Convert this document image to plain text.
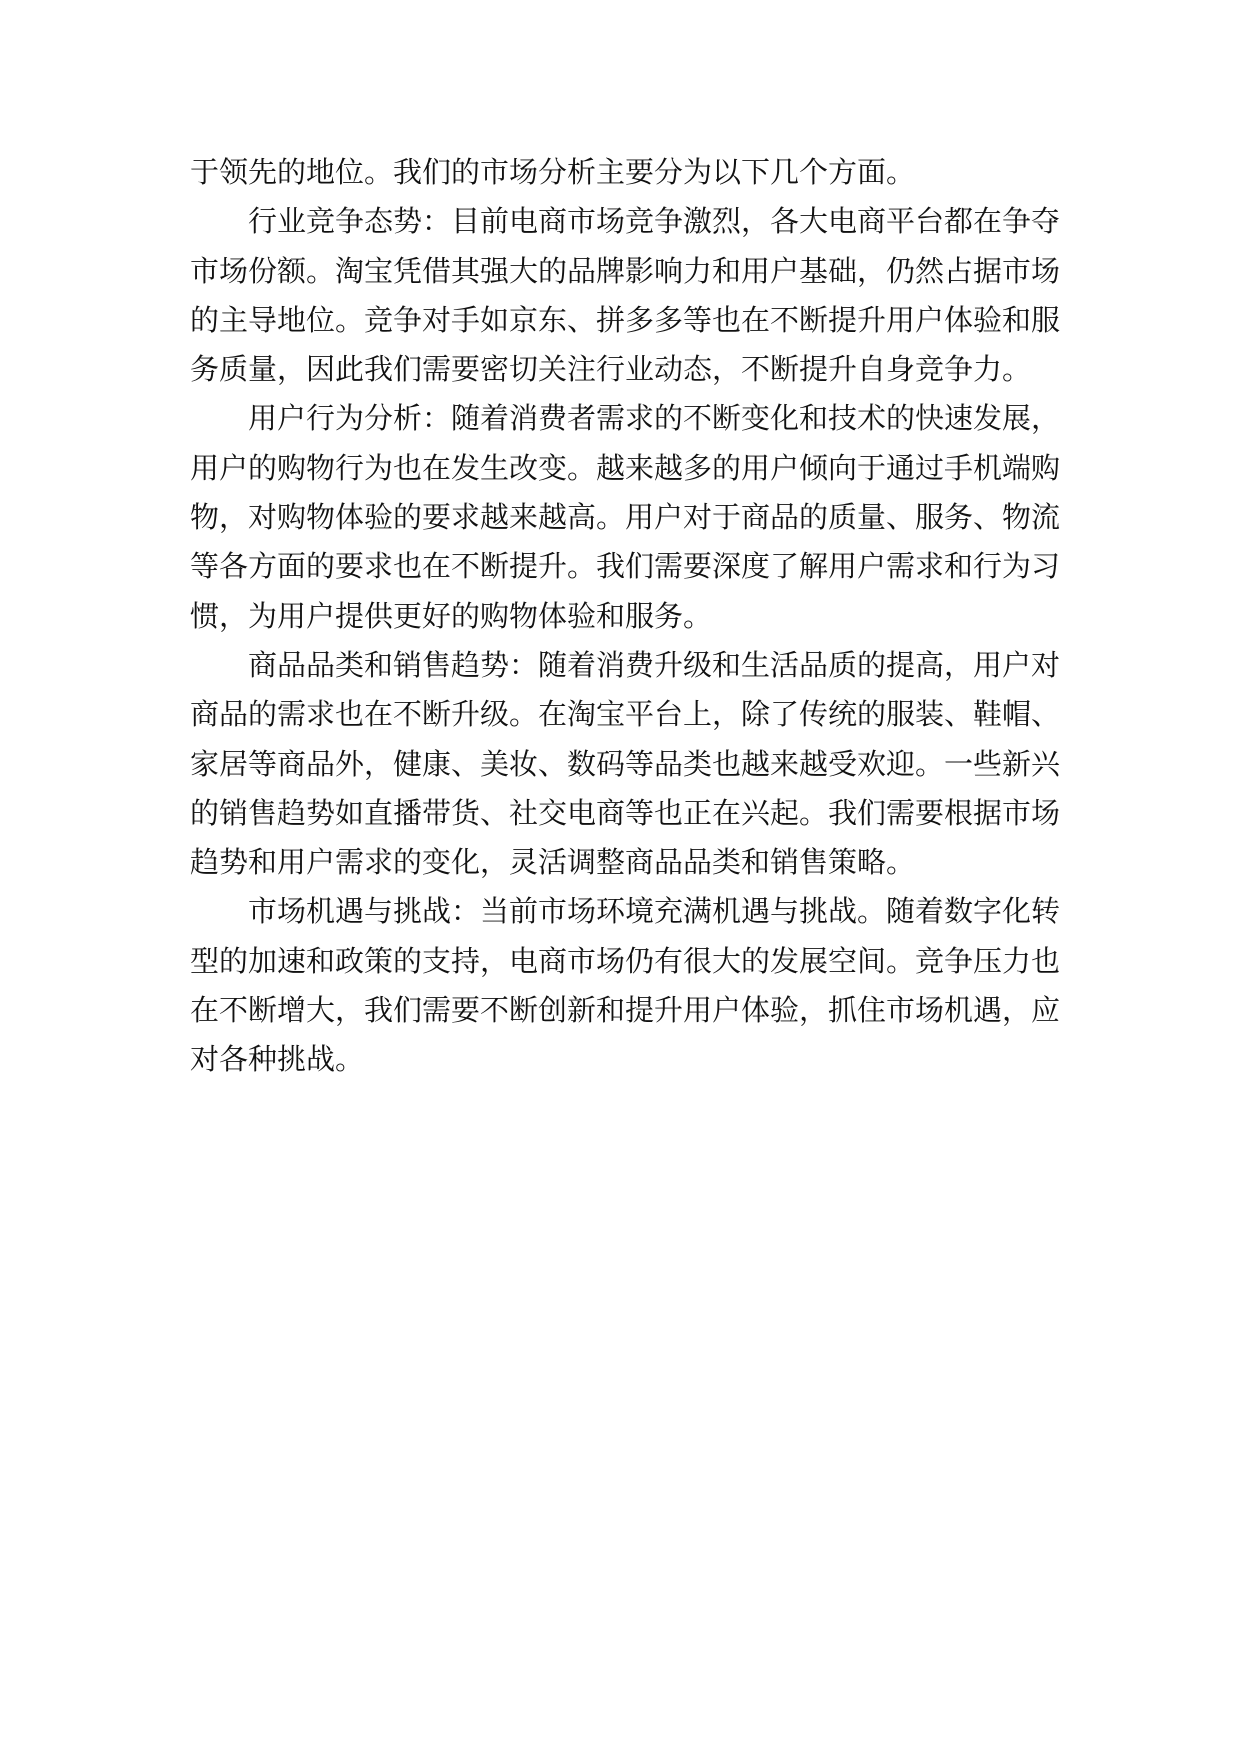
于领先的地位。我们的市场分析主要分为以下几个方面。

行业竞争态势：目前电商市场竞争激烈，各大电商平台都在争夺市场份额。淘宝凭借其强大的品牌影响力和用户基础，仍然占据市场的主导地位。竞争对手如京东、拼多多等也在不断提升用户体验和服务质量，因此我们需要密切关注行业动态，不断提升自身竞争力。

用户行为分析：随着消费者需求的不断变化和技术的快速发展，用户的购物行为也在发生改变。越来越多的用户倾向于通过手机端购物，对购物体验的要求越来越高。用户对于商品的质量、服务、物流等各方面的要求也在不断提升。我们需要深度了解用户需求和行为习惯，为用户提供更好的购物体验和服务。

商品品类和销售趋势：随着消费升级和生活品质的提高，用户对商品的需求也在不断升级。在淘宝平台上，除了传统的服装、鞋帽、家居等商品外，健康、美妆、数码等品类也越来越受欢迎。一些新兴的销售趋势如直播带货、社交电商等也正在兴起。我们需要根据市场趋势和用户需求的变化，灵活调整商品品类和销售策略。

市场机遇与挑战：当前市场环境充满机遇与挑战。随着数字化转型的加速和政策的支持，电商市场仍有很大的发展空间。竞争压力也在不断增大，我们需要不断创新和提升用户体验，抓住市场机遇，应对各种挑战。
